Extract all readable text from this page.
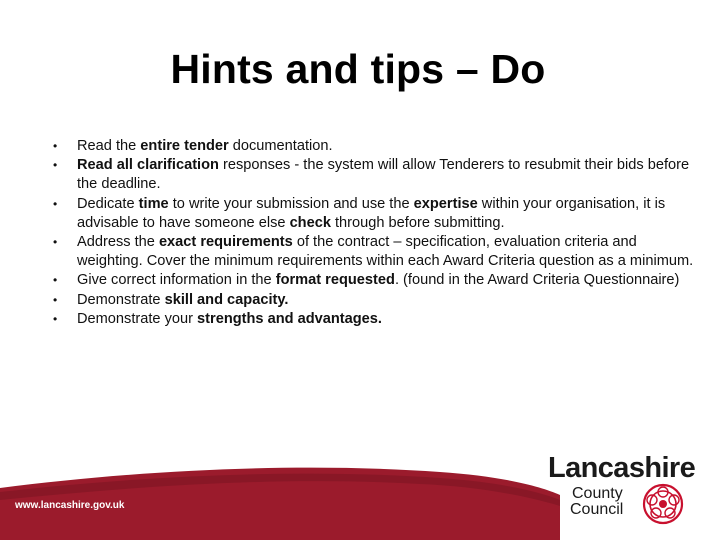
Hints and tips – Do
• Read the entire tender documentation.
• Read all clarification responses - the system will allow Tenderers to resubmit their bids before the deadline.
• Dedicate time to write your submission and use the expertise within your organisation, it is advisable to have someone else check through before submitting.
• Address the exact requirements of the contract – specification, evaluation criteria and weighting. Cover the minimum requirements within each Award Criteria question as a minimum.
• Give correct information in the format requested. (found in the Award Criteria Questionnaire)
• Demonstrate skill and capacity.
• Demonstrate your strengths and advantages.
www.lancashire.gov.uk
Lancashire
County
Council
